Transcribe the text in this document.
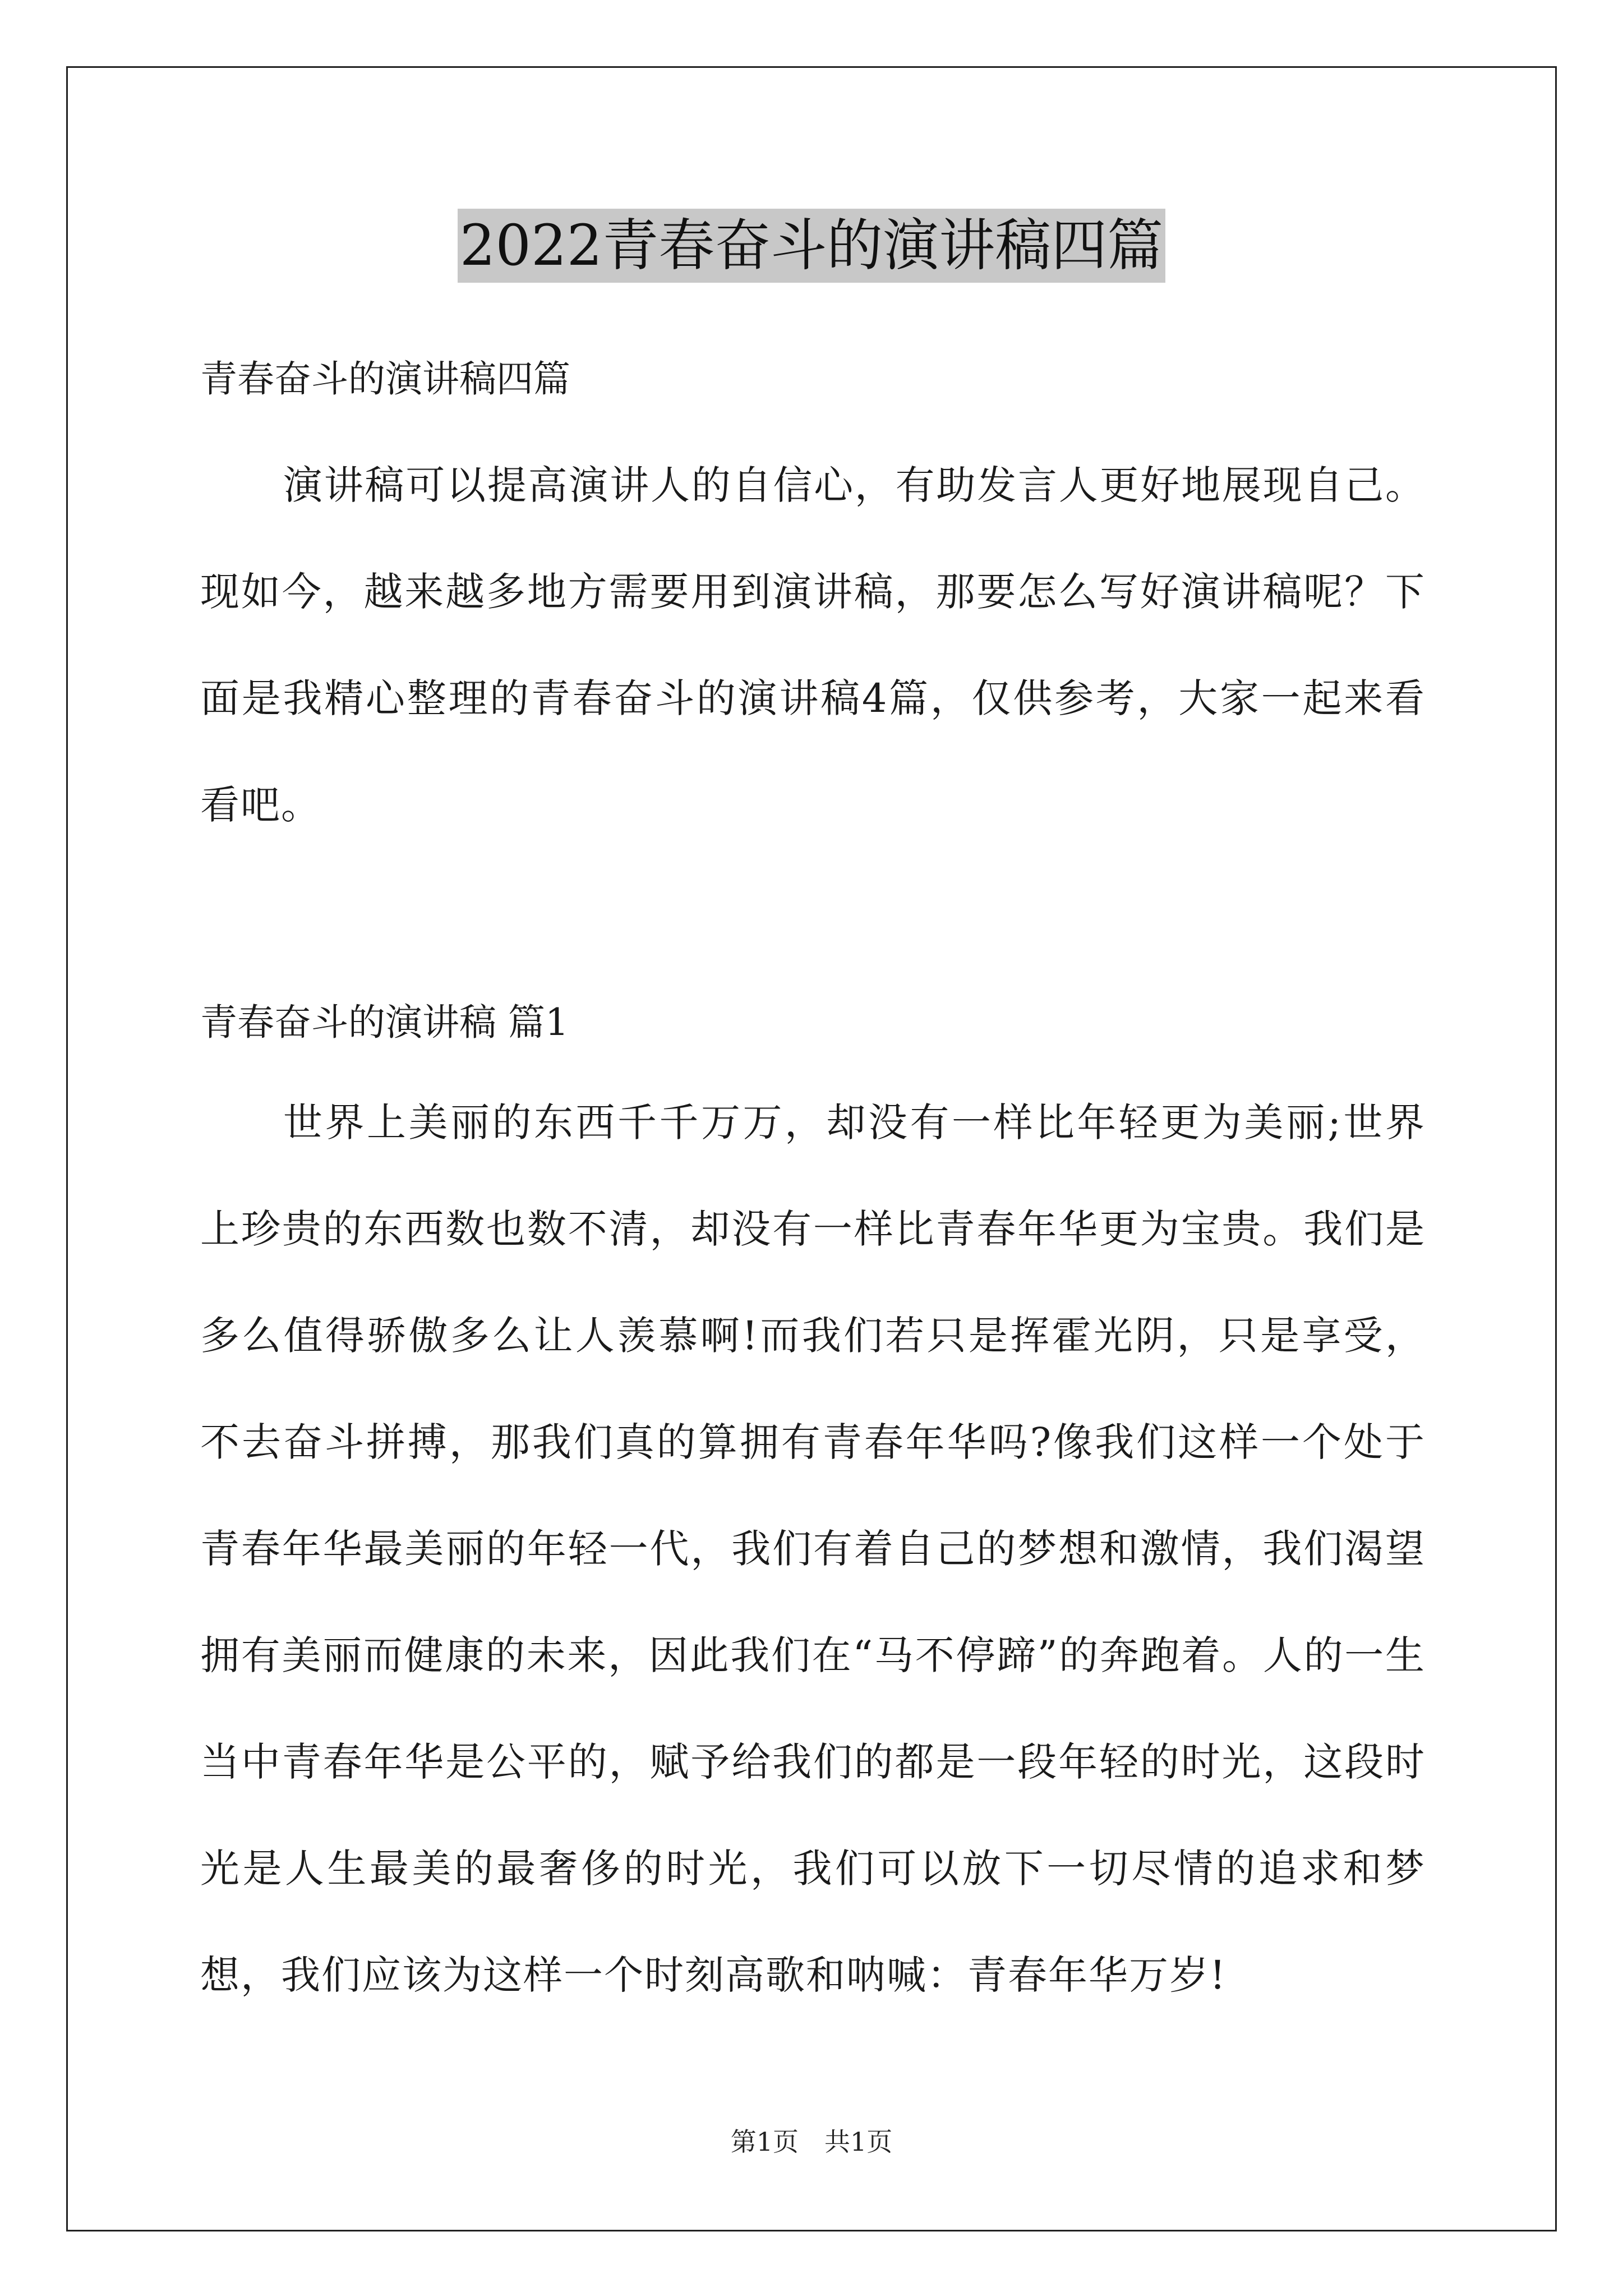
2022青春奋斗的演讲稿四篇
青春奋斗的演讲稿四篇

演讲稿可以提高演讲人的自信心，有助发言人更好地展现自己。现如今，越来越多地方需要用到演讲稿，那要怎么写好演讲稿呢？下面是我精心整理的青春奋斗的演讲稿4篇，仅供参考，大家一起来看看吧。

青春奋斗的演讲稿 篇1

世界上美丽的东西千千万万，却没有一样比年轻更为美丽;世界上珍贵的东西数也数不清，却没有一样比青春年华更为宝贵。我们是多么值得骄傲多么让人羡慕啊!而我们若只是挥霍光阴，只是享受，不去奋斗拼搏，那我们真的算拥有青春年华吗?像我们这样一个处于青春年华最美丽的年轻一代，我们有着自己的梦想和激情，我们渴望拥有美丽而健康的未来，因此我们在“马不停蹄”的奔跑着。人的一生当中青春年华是公平的，赋予给我们的都是一段年轻的时光，这段时光是人生最美的最奢侈的时光，我们可以放下一切尽情的追求和梦想，我们应该为这样一个时刻高歌和呐喊：青春年华万岁!

第1页　共1页
